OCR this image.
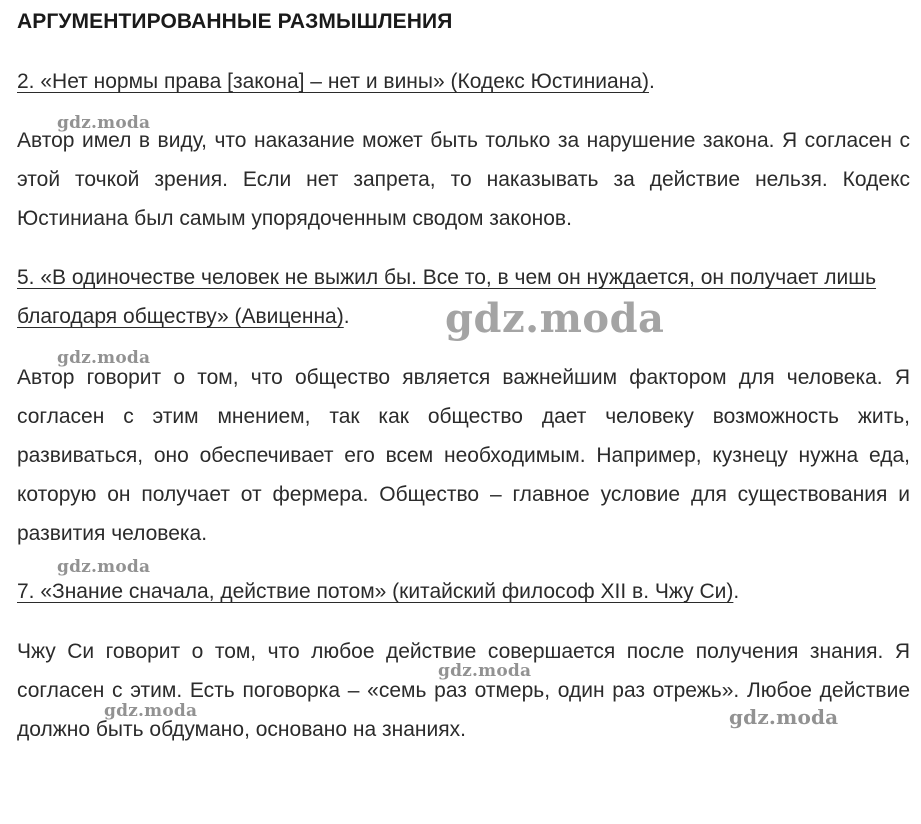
АРГУМЕНТИРОВАННЫЕ РАЗМЫШЛЕНИЯ
2. «Нет нормы права [закона] – нет и вины» (Кодекс Юстиниана).
Автор имел в виду, что наказание может быть только за нарушение закона. Я согласен с этой точкой зрения. Если нет запрета, то наказывать за действие нельзя. Кодекс Юстиниана был самым упорядоченным сводом законов.
5. «В одиночестве человек не выжил бы. Все то, в чем он нуждается, он получает лишь благодаря обществу» (Авиценна).
Автор говорит о том, что общество является важнейшим фактором для человека. Я согласен с этим мнением, так как общество дает человеку возможность жить, развиваться, оно обеспечивает его всем необходимым. Например, кузнецу нужна еда, которую он получает от фермера. Общество – главное условие для существования и развития человека.
7. «Знание сначала, действие потом» (китайский философ XII в. Чжу Си).
Чжу Си говорит о том, что любое действие совершается после получения знания. Я согласен с этим. Есть поговорка – «семь раз отмерь, один раз отрежь». Любое действие должно быть обдумано, основано на знаниях.
gdz.moda
gdz.moda
gdz.moda
gdz.moda
gdz.moda
gdz.moda	gdz.moda
